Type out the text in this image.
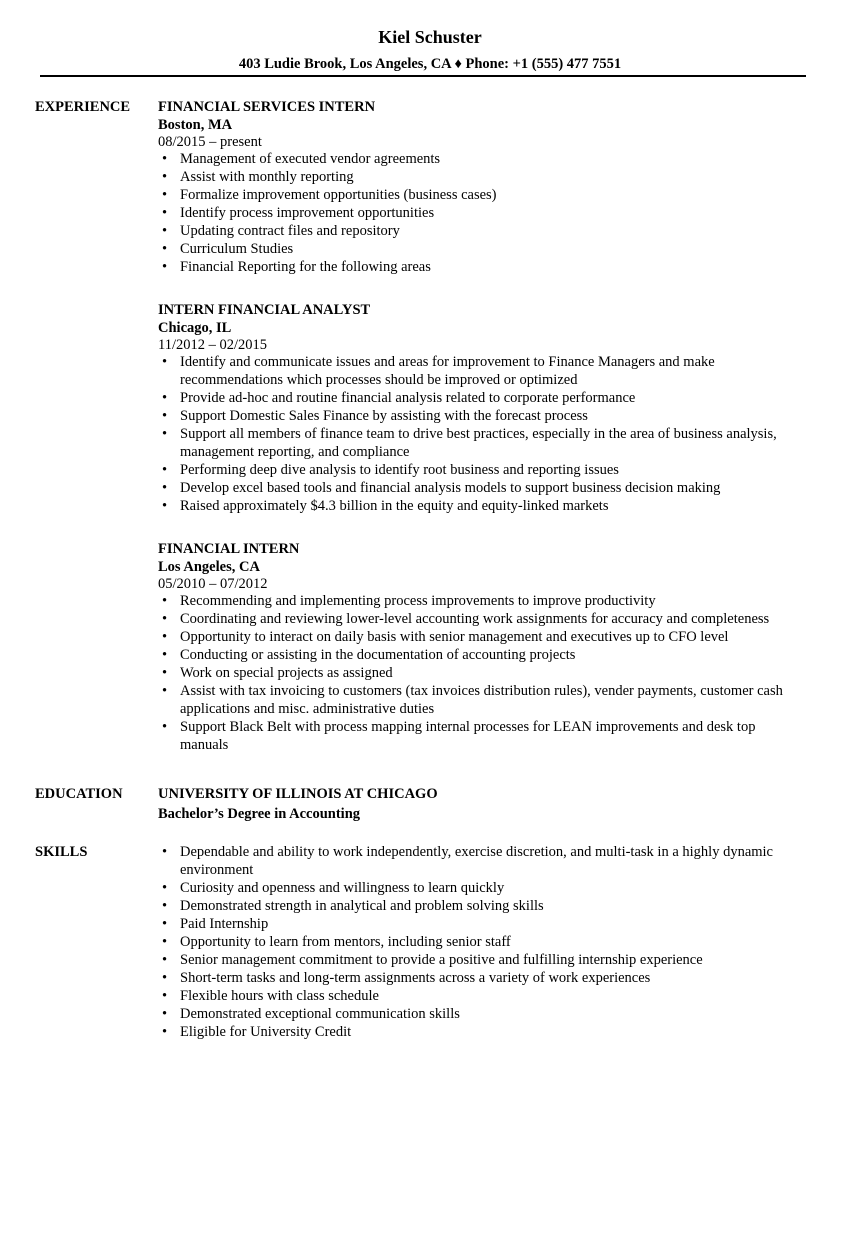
Kiel Schuster

403 Ludie Brook, Los Angeles, CA ♦ Phone: +1 (555) 477 7551
EXPERIENCE FINANCIAL SERVICES INTERN

Boston, MA

08/2015 – present

• Management of executed vendor agreements
• Assist with monthly reporting
• Formalize improvement opportunities (business cases)
• Identify process improvement opportunities
• Updating contract files and repository
• Curriculum Studies
• Financial Reporting for the following areas

INTERN FINANCIAL ANALYST

Chicago, IL

11/2012 – 02/2015

• Identify and communicate issues and areas for improvement to Finance Managers and make recommendations which processes should be improved or optimized
• Provide ad-hoc and routine financial analysis related to corporate performance
• Support Domestic Sales Finance by assisting with the forecast process
• Support all members of finance team to drive best practices, especially in the area of business analysis, management reporting, and compliance
• Performing deep dive analysis to identify root business and reporting issues
• Develop excel based tools and financial analysis models to support business decision making
• Raised approximately $4.3 billion in the equity and equity-linked markets

FINANCIAL INTERN

Los Angeles, CA

05/2010 – 07/2012

• Recommending and implementing process improvements to improve productivity
• Coordinating and reviewing lower-level accounting work assignments for accuracy and completeness
• Opportunity to interact on daily basis with senior management and executives up to CFO level
• Conducting or assisting in the documentation of accounting projects
• Work on special projects as assigned
• Assist with tax invoicing to customers (tax invoices distribution rules), vender payments, customer cash applications and misc. administrative duties
• Support Black Belt with process mapping internal processes for LEAN improvements and desk top manuals
EDUCATION UNIVERSITY OF ILLINOIS AT CHICAGO

Bachelor’s Degree in Accounting

SKILLS
•	Dependable and ability to work independently, exercise discretion, and multi-task in a highly dynamic environment
• Curiosity and openness and willingness to learn quickly
• Demonstrated strength in analytical and problem solving skills
• Paid Internship
• Opportunity to learn from mentors, including senior staff
• Senior management commitment to provide a positive and fulfilling internship experience
• Short-term tasks and long-term assignments across a variety of work experiences
• Flexible hours with class schedule
• Demonstrated exceptional communication skills
• Eligible for University Credit
